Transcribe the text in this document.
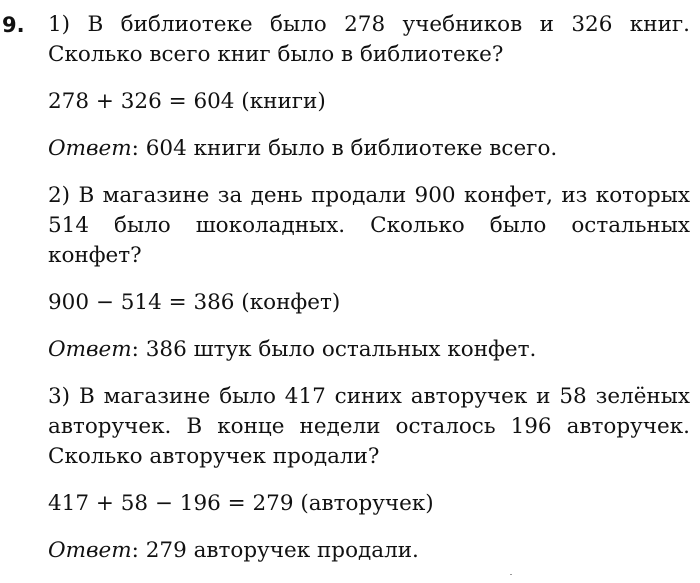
9. 1) В библиотеке было 278 учебников и 326 книг. Сколько всего книг было в библиотеке?

278 + 326 = 604 (книги)

Ответ: 604 книги было в библиотеке всего.

2) В магазине за день продали 900 конфет, из которых 514 было шоколадных. Сколько было остальных конфет?

900 − 514 = 386 (конфет)

Ответ: 386 штук было остальных конфет.

3) В магазине было 417 синих авторучек и 58 зелёных авторучек. В конце недели осталось 196 авторучек. Сколько авторучек продали?

417 + 58 − 196 = 279 (авторучек)

Ответ: 279 авторучек продали.
